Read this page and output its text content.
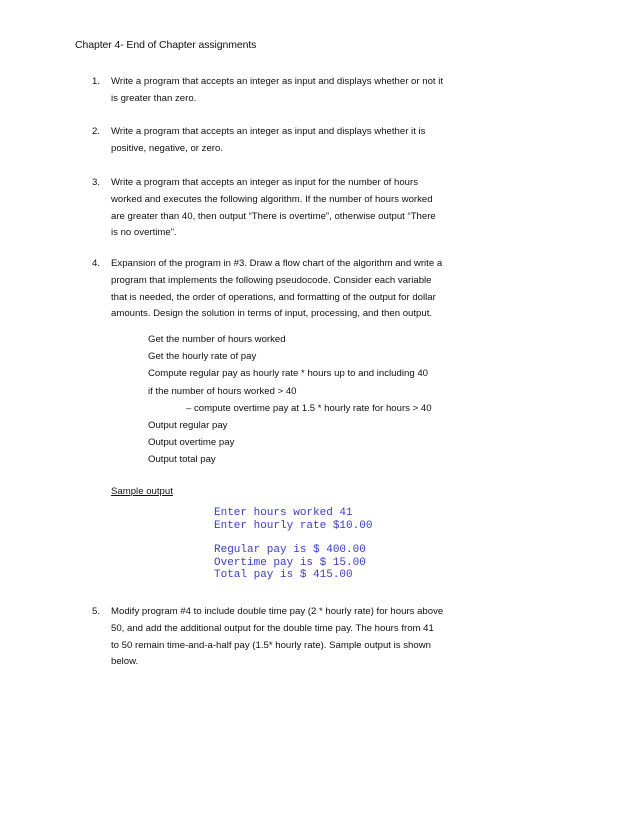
Chapter 4- End of Chapter assignments
1.	Write a program that accepts an integer as input and displays whether or not it

is greater than zero.

2.	Write a program that accepts an integer as input and displays whether it is

positive, negative, or zero.

3.	Write a program that accepts an integer as input for the number of hours

worked and executes the following algorithm. If the number of hours worked

are greater than 40, then output “There is overtime”, otherwise output “There

is no overtime”.

4.	Expansion of the program in #3. Draw a flow chart of the algorithm and write a

program that implements the following pseudocode. Consider each variable

that is needed, the order of operations, and formatting of the output for dollar

amounts. Design the solution in terms of input, processing, and then output.

Get the number of hours worked

Get the hourly rate of pay

Compute regular pay as hourly rate * hours up to and including 40

if the number of hours worked > 40

– compute overtime pay at 1.5 * hourly rate for hours > 40

Output regular pay

Output overtime pay

Output total pay

Sample output

Enter hours worked 41

Enter hourly rate $10.00

Regular pay is $ 400.00

Overtime pay is $ 15.00

Total pay is $ 415.00

5.	Modify program #4 to include double time pay (2 * hourly rate) for hours above

50, and add the additional output for the double time pay. The hours from 41

to 50 remain time-and-a-half pay (1.5* hourly rate). Sample output is shown

below.
